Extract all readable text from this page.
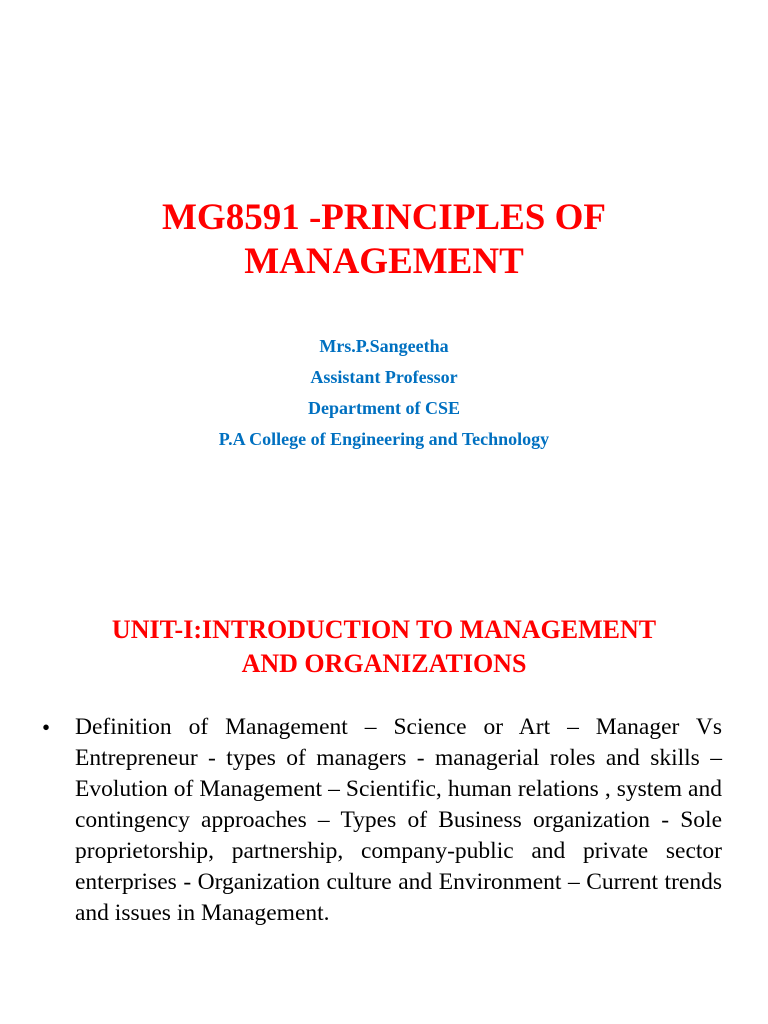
MG8591 -PRINCIPLES OF
MANAGEMENT
Mrs.P.Sangeetha
Assistant Professor
Department of CSE
P.A College of Engineering and Technology
UNIT-I:INTRODUCTION TO MANAGEMENT
AND ORGANIZATIONS
• Definition of Management – Science or Art – Manager Vs Entrepreneur - types of managers - managerial roles and skills – Evolution of Management – Scientific, human relations , system and contingency approaches – Types of Business organization - Sole proprietorship, partnership, company-public and private sector enterprises - Organization culture and Environment – Current trends and issues in Management.
